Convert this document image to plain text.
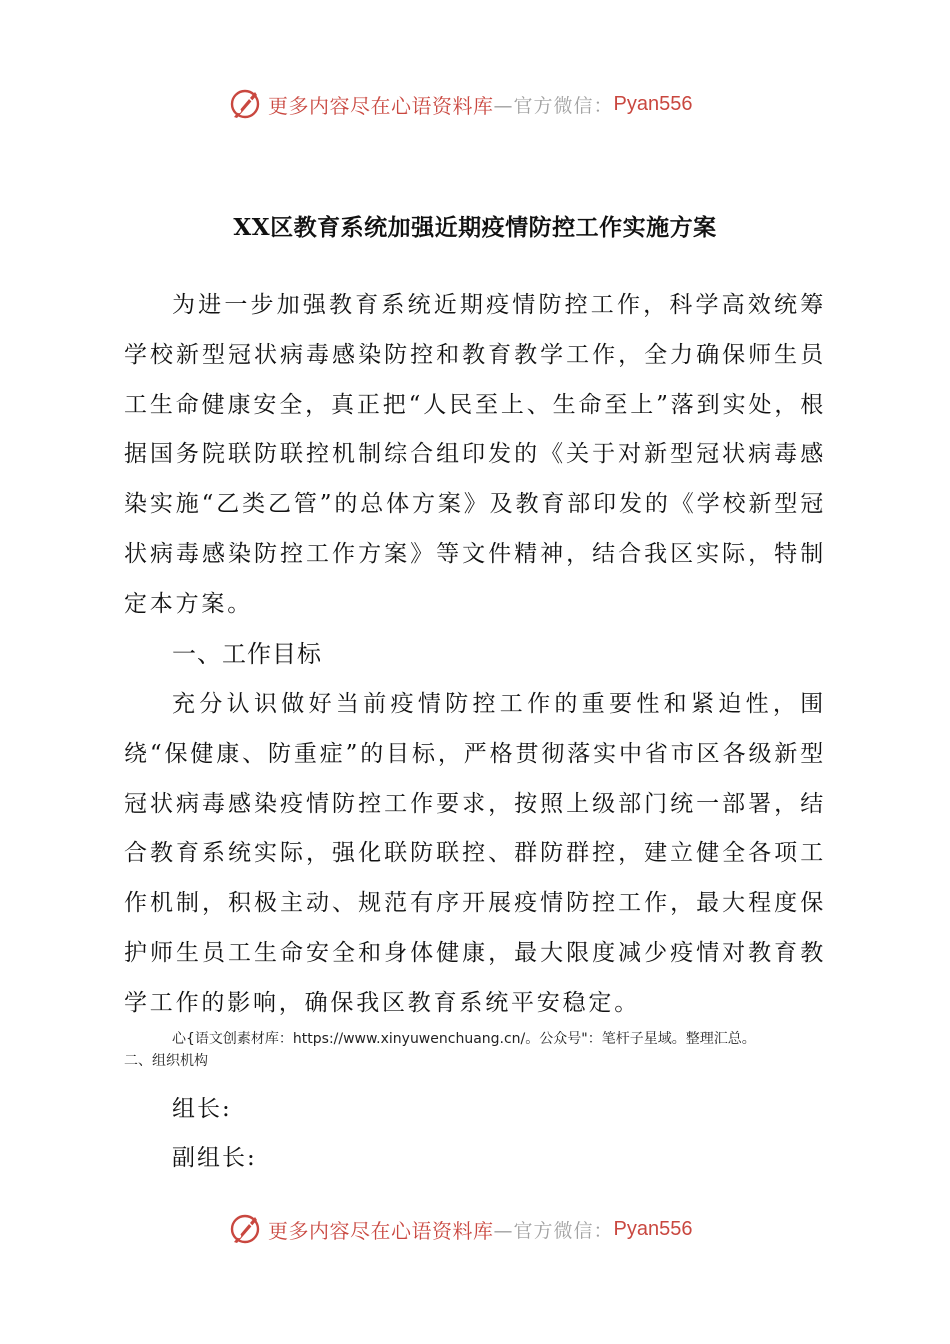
更多内容尽在心语资料库 —官方微信： Pyan556
XX区教育系统加强近期疫情防控工作实施方案

为进一步加强教育系统近期疫情防控工作，科学高效统筹学校新型冠状病毒感染防控和教育教学工作，全力确保师生员工生命健康安全，真正把“人民至上、生命至上”落到实处，根据国务院联防联控机制综合组印发的《关于对新型冠状病毒感染实施“乙类乙管”的总体方案》及教育部印发的《学校新型冠状病毒感染防控工作方案》等文件精神，结合我区实际，特制定本方案。

一、工作目标

充分认识做好当前疫情防控工作的重要性和紧迫性，围绕“保健康、防重症”的目标，严格贯彻落实中省市区各级新型冠状病毒感染疫情防控工作要求，按照上级部门统一部署，结合教育系统实际，强化联防联控、群防群控，建立健全各项工作机制，积极主动、规范有序开展疫情防控工作，最大程度保护师生员工生命安全和身体健康，最大限度减少疫情对教育教学工作的影响，确保我区教育系统平安稳定。

心{语文创素材库：https://www.xinyuwenchuang.cn/。公众号"：笔杆子星域。整理汇总。
二、组织机构
组长:
副组长:
更多内容尽在心语资料库 —官方微信： Pyan556
